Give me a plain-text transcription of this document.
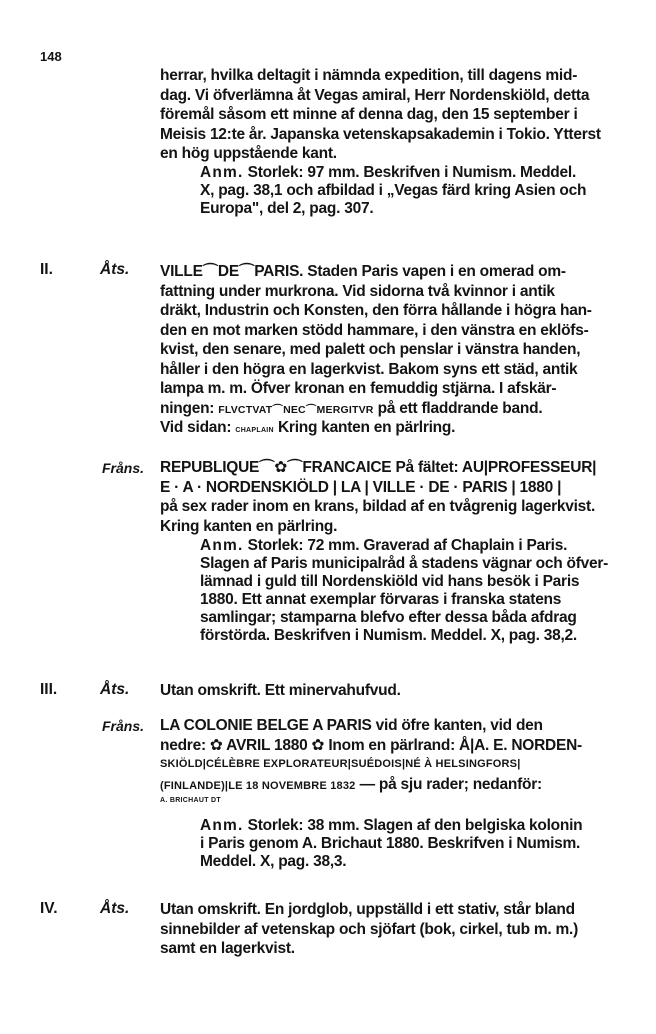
148
herrar, hvilka deltagit i nämnda expedition, till dagens mid-
dag. Vi öfverlämna åt Vegas amiral, Herr Nordenskiöld, detta
föremål såsom ett minne af denna dag, den 15 september i
Meisis 12:te år. Japanska vetenskapsakademin i Tokio. Ytterst
en hög uppstående kant.
Anm. Storlek: 97 mm. Beskrifven i Numism. Meddel.
X, pag. 38,1 och afbildad i „Vegas färd kring Asien och
Europa", del 2, pag. 307.
II.	Åts. VILLE⌒DE⌒PARIS. Staden Paris vapen i en omerad om-
fattning under murkrona. Vid sidorna två kvinnor i antik
dräkt, Industrin och Konsten, den förra hållande i högra han-
den en mot marken stödd hammare, i den vänstra en eklöfs-
kvist, den senare, med palett och penslar i vänstra handen,
håller i den högra en lagerkvist. Bakom syns ett städ, antik
lampa m. m. Öfver kronan en femuddig stjärna. I afskär-
ningen: FLVCTVAT⌒NEC⌒MERGITVR på ett fladdrande band.
Vid sidan: CHAPLAIN Kring kanten en pärlring.
Fråns. REPUBLIQUE⌒✿⌒FRANCAICE På fältet: AU|PROFESSEUR|
E · A · NORDENSKIÖLD | LA | VILLE · DE · PARIS | 1880 |
på sex rader inom en krans, bildad af en tvågrenig lagerkvist.
Kring kanten en pärlring.
Anm. Storlek: 72 mm. Graverad af Chaplain i Paris.
Slagen af Paris municipalråd å stadens vägnar och öfver-
lämnad i guld till Nordenskiöld vid hans besök i Paris
1880. Ett annat exemplar förvaras i franska statens
samlingar; stamparna blefvo efter dessa båda afdrag
förstörda. Beskrifven i Numism. Meddel. X, pag. 38,2.
III.	Åts. Utan omskrift. Ett minervahufvud.
Fråns. LA COLONIE BELGE A PARIS vid öfre kanten, vid den
nedre: ✿ AVRIL 1880 ✿ Inom en pärlrand: Å|A. E. NORDEN-
SKIÖLD|CÉLÈBRE EXPLORATEUR|SUÉDOIS|NÉ À HELSINGFORS|
(FINLANDE)|LE 18 NOVEMBRE 1832 — på sju rader; nedanför:
A. BRICHAUT DT
Anm. Storlek: 38 mm. Slagen af den belgiska kolonin
i Paris genom A. Brichaut 1880. Beskrifven i Numism.
Meddel. X, pag. 38,3.
IV.	Åts. Utan omskrift. En jordglob, uppställd i ett stativ, står bland
sinnebilder af vetenskap och sjöfart (bok, cirkel, tub m. m.)
samt en lagerkvist.
